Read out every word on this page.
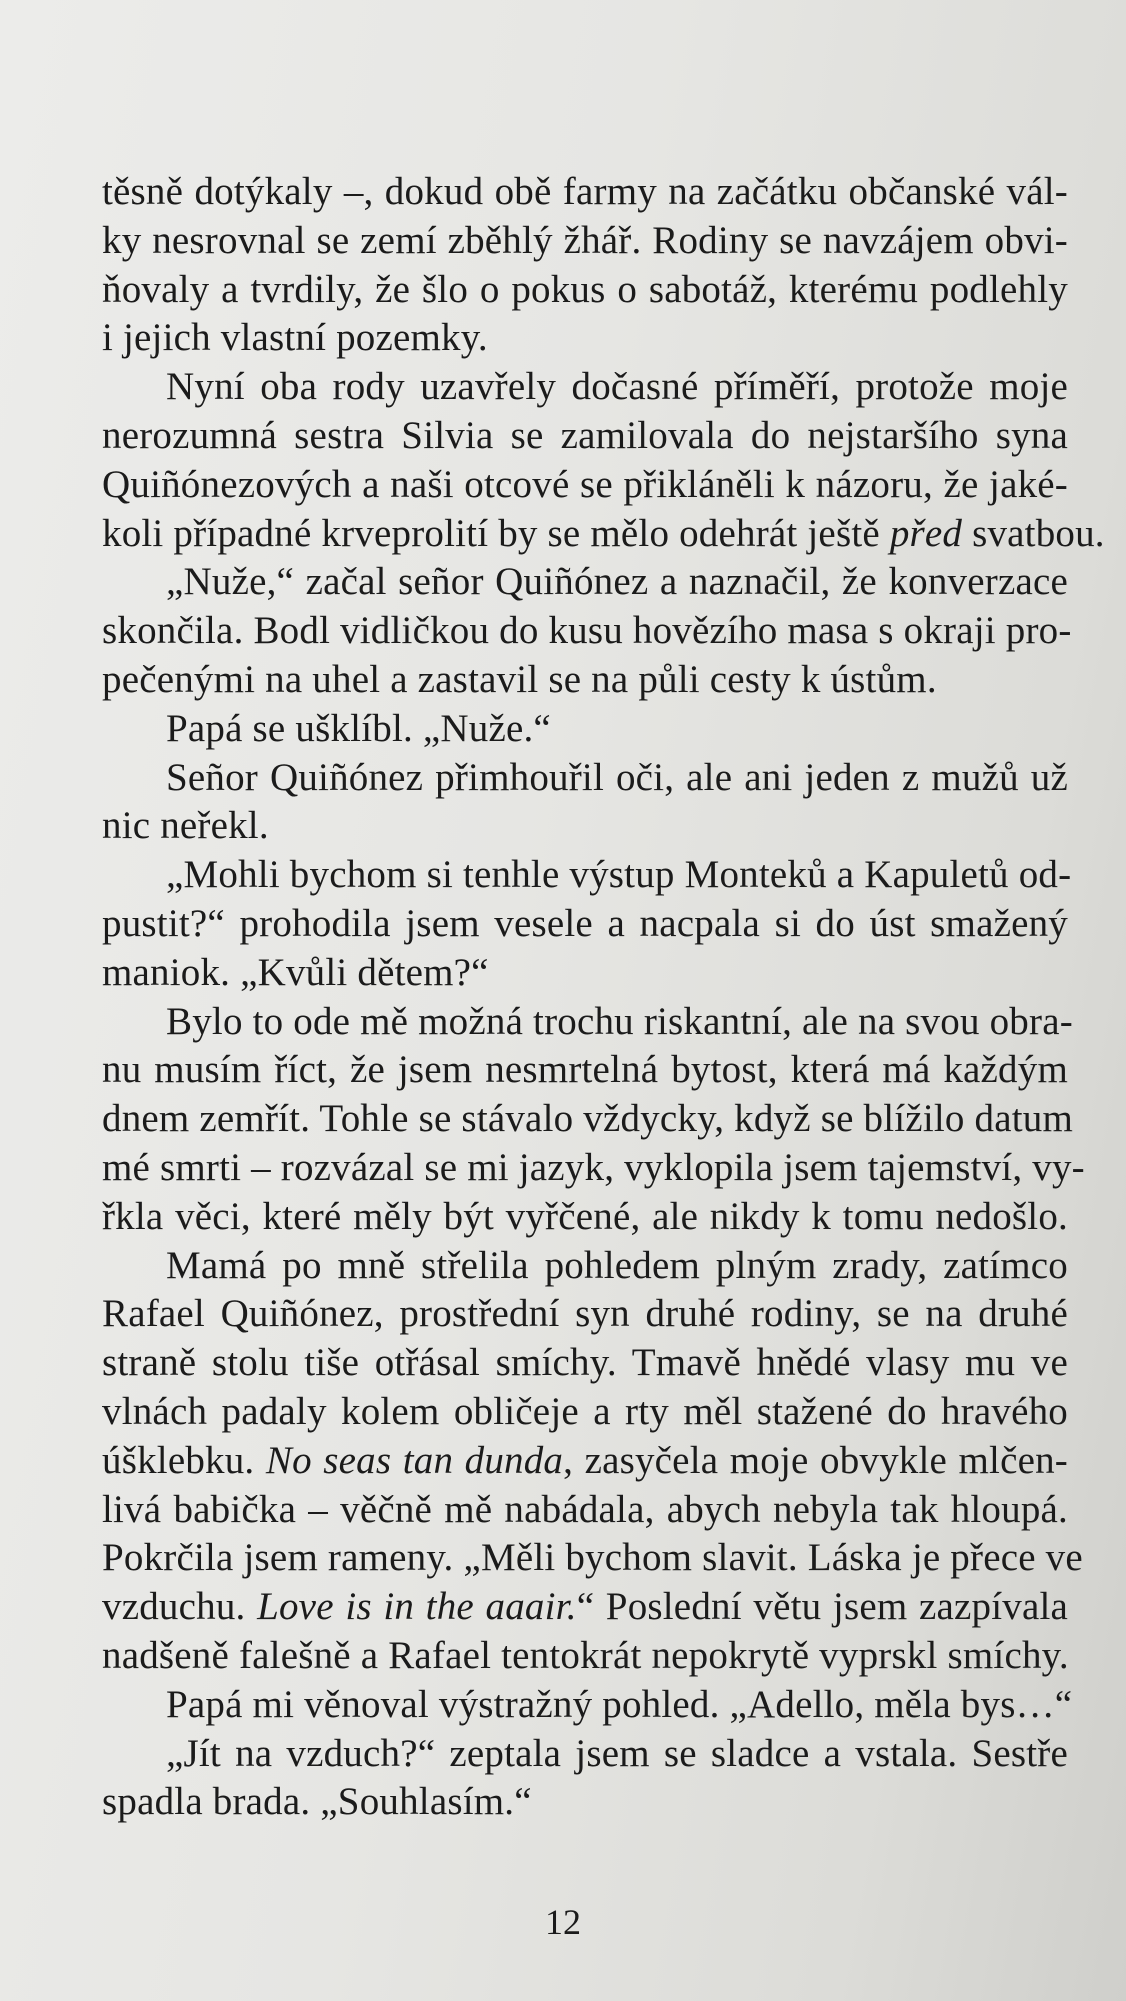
těsně dotýkaly –, dokud obě farmy na začátku občanské vál-
ky nesrovnal se zemí zběhlý žhář. Rodiny se navzájem obvi-
ňovaly a tvrdily, že šlo o pokus o sabotáž, kterému podlehly
i jejich vlastní pozemky.
Nyní oba rody uzavřely dočasné příměří, protože moje
nerozumná sestra Silvia se zamilovala do nejstaršího syna
Quiñónezových a naši otcové se přikláněli k názoru, že jaké-
koli případné krveprolití by se mělo odehrát ještě před svatbou.
„Nuže,“ začal señor Quiñónez a naznačil, že konverzace
skončila. Bodl vidličkou do kusu hovězího masa s okraji pro-
pečenými na uhel a zastavil se na půli cesty k ústům.
Papá se ušklíbl. „Nuže.“
Señor Quiñónez přimhouřil oči, ale ani jeden z mužů už
nic neřekl.
„Mohli bychom si tenhle výstup Monteků a Kapuletů od-
pustit?“ prohodila jsem vesele a nacpala si do úst smažený
maniok. „Kvůli dětem?“
Bylo to ode mě možná trochu riskantní, ale na svou obra-
nu musím říct, že jsem nesmrtelná bytost, která má každým
dnem zemřít. Tohle se stávalo vždycky, když se blížilo datum
mé smrti – rozvázal se mi jazyk, vyklopila jsem tajemství, vy-
řkla věci, které měly být vyřčené, ale nikdy k tomu nedošlo.
Mamá po mně střelila pohledem plným zrady, zatímco
Rafael Quiñónez, prostřední syn druhé rodiny, se na druhé
straně stolu tiše otřásal smíchy. Tmavě hnědé vlasy mu ve
vlnách padaly kolem obličeje a rty měl stažené do hravého
úšklebku. No seas tan dunda, zasyčela moje obvykle mlčen-
livá babička – věčně mě nabádala, abych nebyla tak hloupá.
Pokrčila jsem rameny. „Měli bychom slavit. Láska je přece ve
vzduchu. Love is in the aaair.“ Poslední větu jsem zazpívala
nadšeně falešně a Rafael tentokrát nepokrytě vyprskl smíchy.
Papá mi věnoval výstražný pohled. „Adello, měla bys…“
„Jít na vzduch?“ zeptala jsem se sladce a vstala. Sestře
spadla brada. „Souhlasím.“
12
